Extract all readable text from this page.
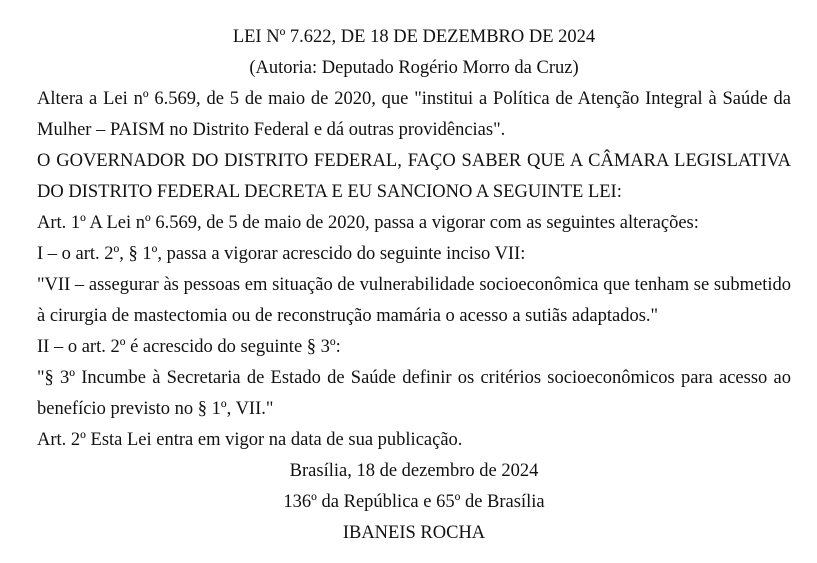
LEI Nº 7.622, DE 18 DE DEZEMBRO DE 2024
(Autoria: Deputado Rogério Morro da Cruz)
Altera a Lei nº 6.569, de 5 de maio de 2020, que "institui a Política de Atenção Integral à Saúde da Mulher – PAISM no Distrito Federal e dá outras providências".
O GOVERNADOR DO DISTRITO FEDERAL, FAÇO SABER QUE A CÂMARA LEGISLATIVA DO DISTRITO FEDERAL DECRETA E EU SANCIONO A SEGUINTE LEI:
Art. 1º A Lei nº 6.569, de 5 de maio de 2020, passa a vigorar com as seguintes alterações:
I – o art. 2º, § 1º, passa a vigorar acrescido do seguinte inciso VII:
"VII – assegurar às pessoas em situação de vulnerabilidade socioeconômica que tenham se submetido à cirurgia de mastectomia ou de reconstrução mamária o acesso a sutiãs adaptados."
II – o art. 2º é acrescido do seguinte § 3º:
"§ 3º Incumbe à Secretaria de Estado de Saúde definir os critérios socioeconômicos para acesso ao benefício previsto no § 1º, VII."
Art. 2º Esta Lei entra em vigor na data de sua publicação.
Brasília, 18 de dezembro de 2024
136º da República e 65º de Brasília
IBANEIS ROCHA
